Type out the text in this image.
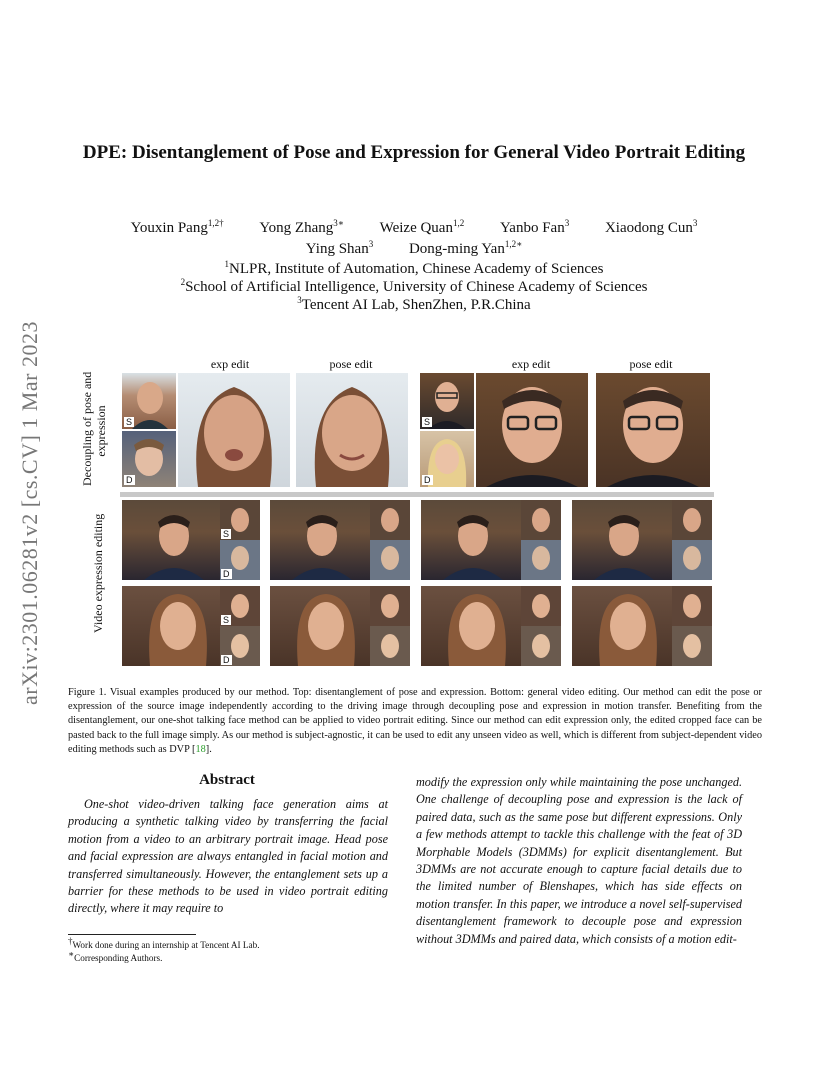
arXiv:2301.06281v2 [cs.CV] 1 Mar 2023
DPE: Disentanglement of Pose and Expression for General Video Portrait Editing
Youxin Pang$^{1,2\dagger}$ Yong Zhang$^{3∗}$ Weize Quan$^{1,2}$ Yanbo Fan$^3$ Xiaodong Cun$^3$
Ying Shan$^3$ Dong-ming Yan$^{1,2∗}$
$^1$NLPR, Institute of Automation, Chinese Academy of Sciences
$^2$School of Artificial Intelligence, University of Chinese Academy of Sciences
$^3$Tencent AI Lab, ShenZhen, P.R.China
exp edit	pose edit	exp edit	pose edit
Decoupling of pose and expression
Video expression editing
S
D
S
D
S
D
S
D
Figure 1. Visual examples produced by our method. Top: disentanglement of pose and expression. Bottom: general video editing. Our method can edit the pose or expression of the source image independently according to the driving image through decoupling pose and expression in motion transfer. Benefiting from the disentanglement, our one-shot talking face method can be applied to video portrait editing. Since our method can edit expression only, the edited cropped face can be pasted back to the full image simply. As our method is subject-agnostic, it can be used to edit any unseen video as well, which is different from subject-dependent video editing methods such as DVP [18].
Abstract
One-shot video-driven talking face generation aims at producing a synthetic talking video by transferring the facial motion from a video to an arbitrary portrait image. Head pose and facial expression are always entangled in facial motion and transferred simultaneously. However, the entanglement sets up a barrier for these methods to be used in video portrait editing directly, where it may require to
modify the expression only while maintaining the pose unchanged. One challenge of decoupling pose and expression is the lack of paired data, such as the same pose but different expressions. Only a few methods attempt to tackle this challenge with the feat of 3D Morphable Models (3DMMs) for explicit disentanglement. But 3DMMs are not accurate enough to capture facial details due to the limited number of Blenshapes, which has side effects on motion transfer. In this paper, we introduce a novel self-supervised disentanglement framework to decouple pose and expression without 3DMMs and paired data, which consists of a motion edit-
†Work done during an internship at Tencent AI Lab.
∗Corresponding Authors.
